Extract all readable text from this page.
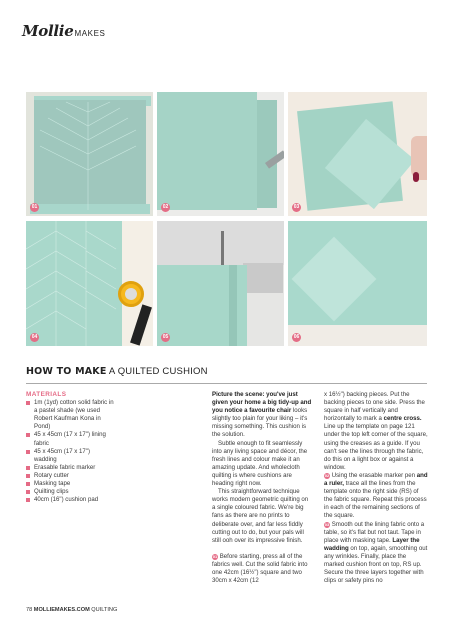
Mollie MAKES
01	02	03
04	05	06
HOW TO MAKE A QUILTED CUSHION
MATERIALS
1m (1yd) cotton solid fabric in a pastel shade (we used Robert Kaufman Kona in Pond)
45 x 45cm (17 x 17") lining fabric
45 x 45cm (17 x 17") wadding
Erasable fabric marker
Rotary cutter
Masking tape
Quilting clips
40cm (16") cushion pad

Picture the scene: you've just given your home a big tidy-up and you notice a favourite chair looks slightly too plain for your liking – it's missing something. This cushion is the solution.

Subtle enough to fit seamlessly into any living space and décor, the fresh lines and colour make it an amazing update. And wholecloth quilting is where cushions are heading right now.

This straightforward technique works modern geometric quilting on a single coloured fabric. We're big fans as there are no prints to deliberate over, and far less fiddly cutting out to do, but your pals will still ooh over its impressive finish.

01 Before starting, press all of the fabrics well. Cut the solid fabric into one 42cm (16½") square and two 30cm x 42cm (12

x 16½") backing pieces. Put the backing pieces to one side. Press the square in half vertically and horizontally to mark a centre cross. Line up the template on page 121 under the top left corner of the square, using the creases as a guide. If you can't see the lines through the fabric, do this on a light box or against a window.

02 Using the erasable marker pen and a ruler, trace all the lines from the template onto the right side (RS) of the fabric square. Repeat this process in each of the remaining sections of the square.

03 Smooth out the lining fabric onto a table, so it's flat but not taut. Tape in place with masking tape. Layer the wadding on top, again, smoothing out any wrinkles. Finally, place the marked cushion front on top, RS up. Secure the three layers together with clips or safety pins no

78 MOLLIEMAKES.COM QUILTING
